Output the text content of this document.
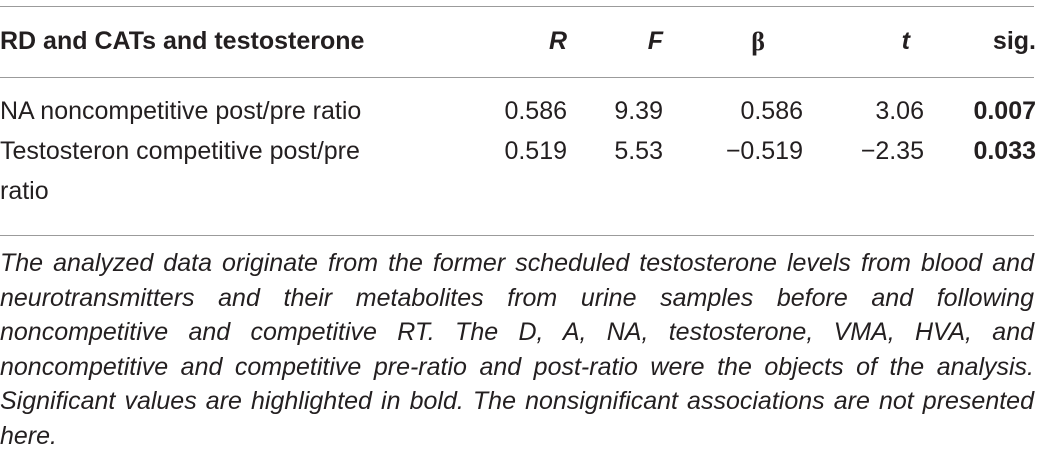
RD and CATs and testosterone	R	F	β	t	sig.
NA noncompetitive post/pre ratio	0.586	9.39	0.586	3.06	0.007
Testosteron competitive post/pre ratio	0.519	5.53	−0.519	−2.35	0.033

The analyzed data originate from the former scheduled testosterone levels from blood and neurotransmitters and their metabolites from urine samples before and following noncompetitive and competitive RT. The D, A, NA, testosterone, VMA, HVA, and noncompetitive and competitive pre-ratio and post-ratio were the objects of the analysis. Significant values are highlighted in bold. The nonsignificant associations are not presented here.
